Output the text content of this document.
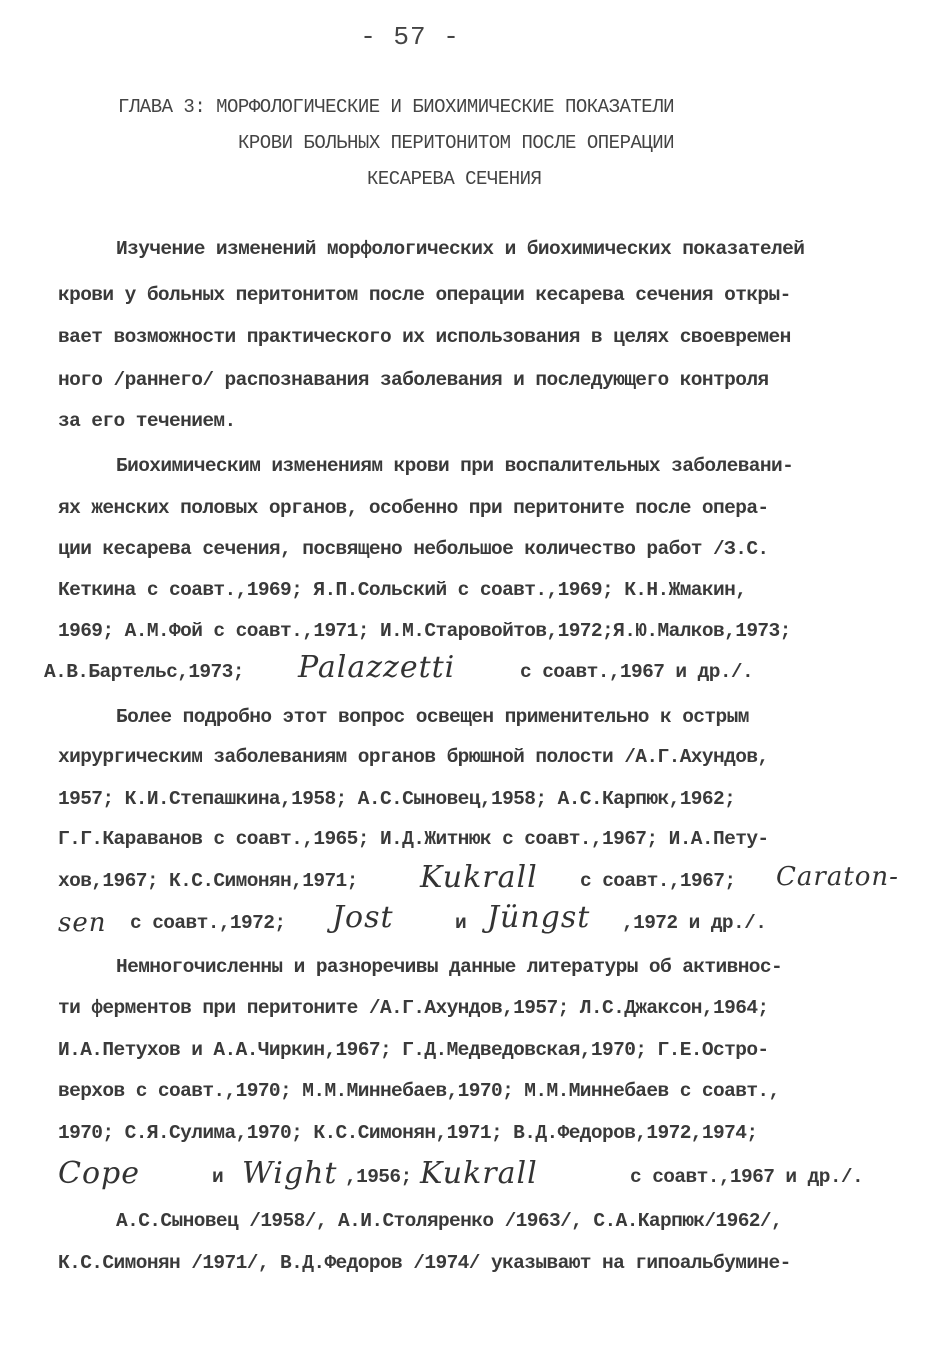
- 57 -
ГЛАВА 3: МОРФОЛОГИЧЕСКИЕ И БИОХИМИЧЕСКИЕ ПОКАЗАТЕЛИ
КРОВИ БОЛЬНЫХ ПЕРИТОНИТОМ ПОСЛЕ ОПЕРАЦИИ
КЕСАРЕВА СЕЧЕНИЯ
Изучение изменений морфологических и биохимических показателей
крови у больных перитонитом после операции кесарева сечения откры-
вает возможности практического их использования в целях своевремен
ного /раннего/ распознавания заболевания и последующего контроля
за его течением.
Биохимическим изменениям крови при воспалительных заболевани-
ях женских половых органов, особенно при перитоните после опера-
ции кесарева сечения, посвящено небольшое количество работ /З.С.
Кеткина с соавт.,1969; Я.П.Сольский с соавт.,1969; К.Н.Жмакин,
1969; А.М.Фой с соавт.,1971; И.М.Старовойтов,1972;Я.Ю.Малков,1973;
А.В.Бартельс,1973; Palazzetti	с соавт.,1967 и др./.
Более подробно этот вопрос освещен применительно к острым
хирургическим заболеваниям органов брюшной полости /А.Г.Ахундов,
1957; К.И.Степашкина,1958; А.С.Сыновец,1958; А.С.Карпюк,1962;
Г.Г.Караванов с соавт.,1965; И.Д.Житнюк с соавт.,1967; И.А.Пету-
хов,1967; К.С.Симонян,1971; Kukrall с соавт.,1967; Caraton-
sen с соавт.,1972; Jost	и Jüngst ,1972 и др./.
Немногочисленны и разноречивы данные литературы об активнос-
ти ферментов при перитоните /А.Г.Ахундов,1957; Л.С.Джаксон,1964;
И.А.Петухов и А.А.Чиркин,1967; Г.Д.Медведовская,1970; Г.Е.Остро-
верхов с соавт.,1970; М.М.Миннебаев,1970; М.М.Миннебаев с соавт.,
1970; С.Я.Сулима,1970; К.С.Симонян,1971; В.Д.Федоров,1972,1974;
Cope	и Wight ,1956; Kukrall	с соавт.,1967 и др./.
А.С.Сыновец /1958/, А.И.Столяренко /1963/, С.А.Карпюк/1962/,
К.С.Симонян /1971/, В.Д.Федоров /1974/ указывают на гипоальбумине-
